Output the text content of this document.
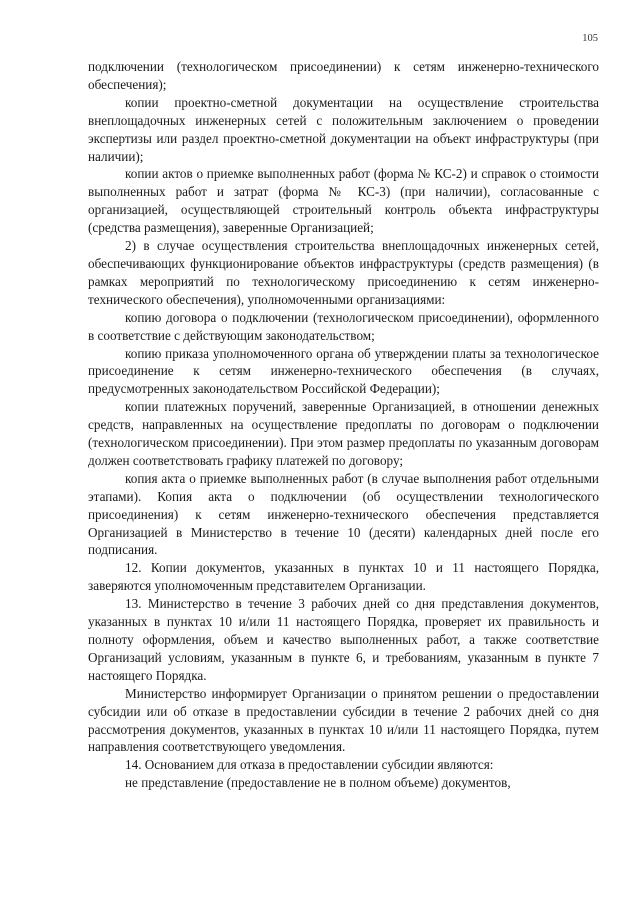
105

подключении (технологическом присоединении) к сетям инженерно-технического обеспечения);

копии проектно-сметной документации на осуществление строительства внеплощадочных инженерных сетей с положительным заключением о проведении экспертизы или раздел проектно-сметной документации на объект инфраструктуры (при наличии);

копии актов о приемке выполненных работ (форма № КС-2) и справок о стоимости выполненных работ и затрат (форма № КС-3) (при наличии), согласованные с организацией, осуществляющей строительный контроль объекта инфраструктуры (средства размещения), заверенные Организацией;

2) в случае осуществления строительства внеплощадочных инженерных сетей, обеспечивающих функционирование объектов инфраструктуры (средств размещения) (в рамках мероприятий по технологическому присоединению к сетям инженерно-технического обеспечения), уполномоченными организациями:

копию договора о подключении (технологическом присоединении), оформленного в соответствие с действующим законодательством;

копию приказа уполномоченного органа об утверждении платы за технологическое присоединение к сетям инженерно-технического обеспечения (в случаях, предусмотренных законодательством Российской Федерации);

копии платежных поручений, заверенные Организацией, в отношении денежных средств, направленных на осуществление предоплаты по договорам о подключении (технологическом присоединении). При этом размер предоплаты по указанным договорам должен соответствовать графику платежей по договору;

копия акта о приемке выполненных работ (в случае выполнения работ отдельными этапами). Копия акта о подключении (об осуществлении технологического присоединения) к сетям инженерно-технического обеспечения представляется Организацией в Министерство в течение 10 (десяти) календарных дней после его подписания.

12. Копии документов, указанных в пунктах 10 и 11 настоящего Порядка, заверяются уполномоченным представителем Организации.

13. Министерство в течение 3 рабочих дней со дня представления документов, указанных в пунктах 10 и/или 11 настоящего Порядка, проверяет их правильность и полноту оформления, объем и качество выполненных работ, а также соответствие Организаций условиям, указанным в пункте 6, и требованиям, указанным в пункте 7 настоящего Порядка.

Министерство информирует Организации о принятом решении о предоставлении субсидии или об отказе в предоставлении субсидии в течение 2 рабочих дней со дня рассмотрения документов, указанных в пунктах 10 и/или 11 настоящего Порядка, путем направления соответствующего уведомления.

14. Основанием для отказа в предоставлении субсидии являются:

не представление (предоставление не в полном объеме) документов,
